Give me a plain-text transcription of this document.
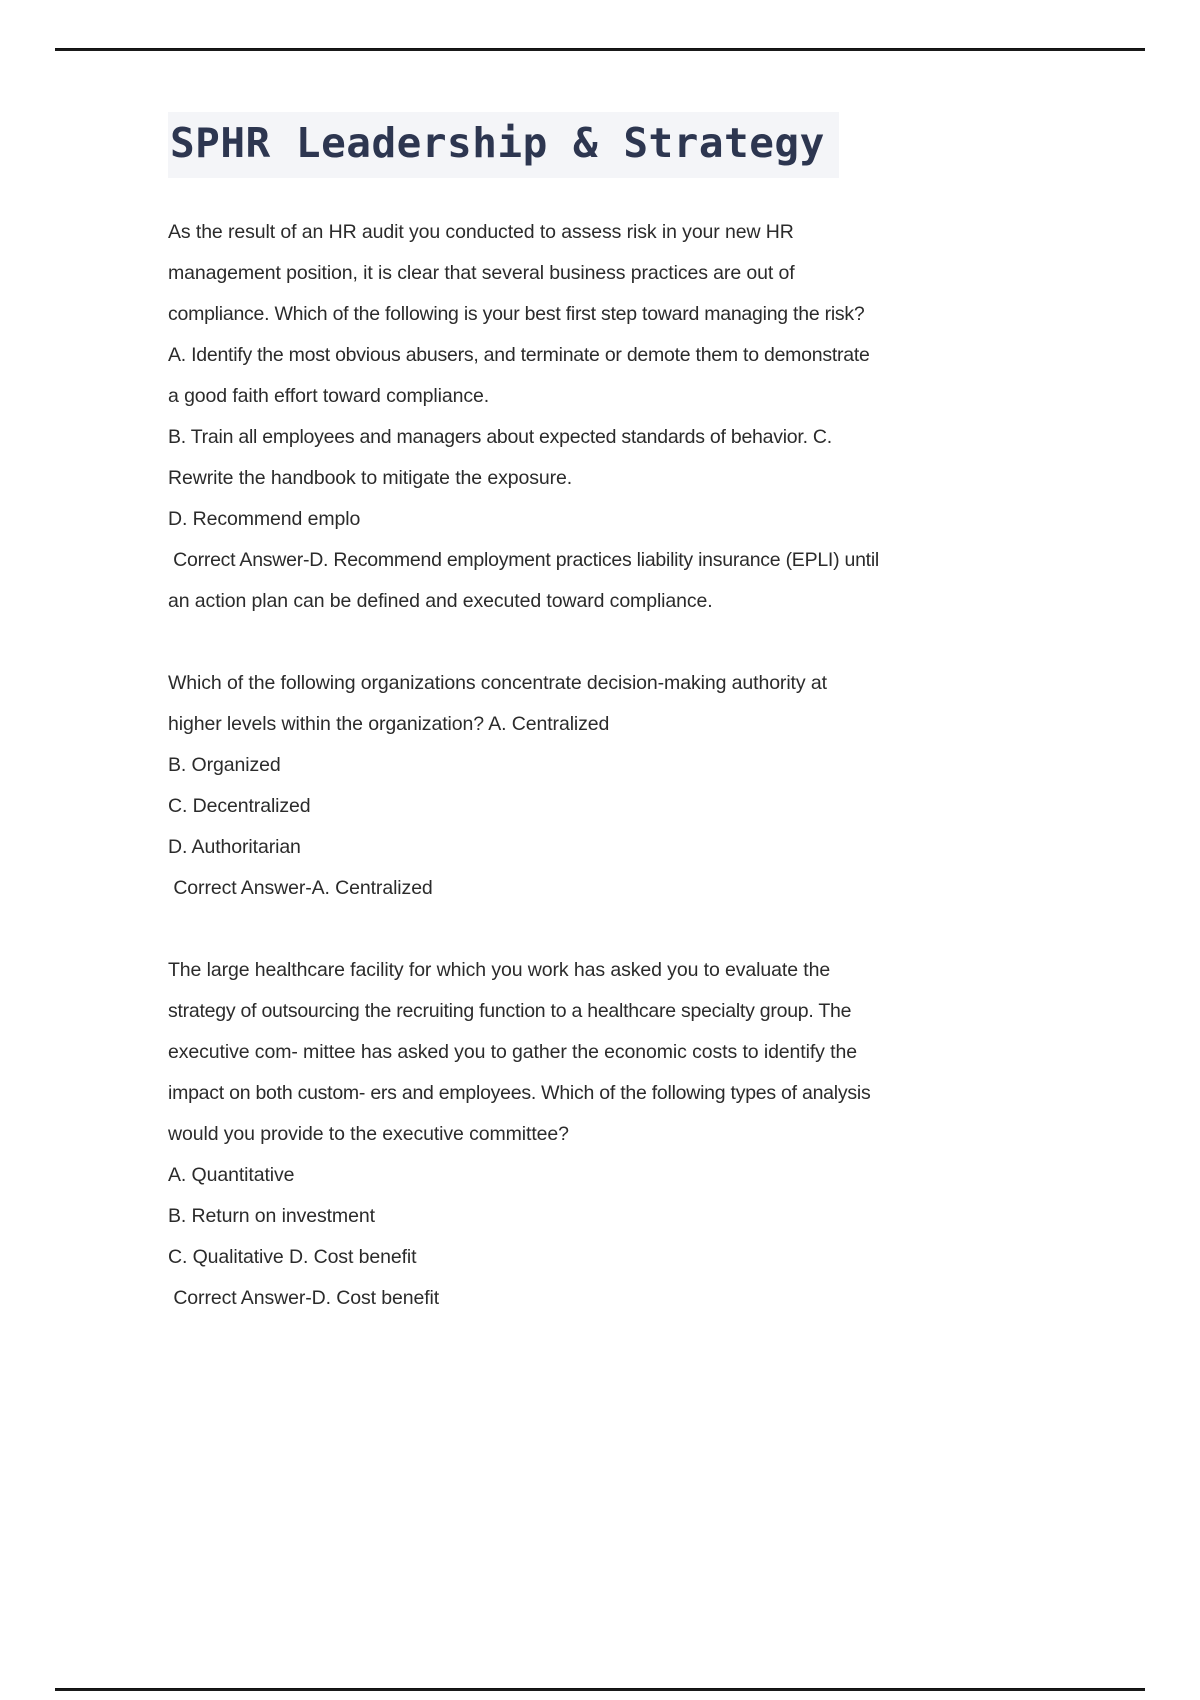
SPHR Leadership & Strategy
As the result of an HR audit you conducted to assess risk in your new HR
management position, it is clear that several business practices are out of
compliance. Which of the following is your best first step toward managing the risk?
A. Identify the most obvious abusers, and terminate or demote them to demonstrate
a good faith effort toward compliance.
B. Train all employees and managers about expected standards of behavior. C.
Rewrite the handbook to mitigate the exposure.
D. Recommend emplo
Correct Answer-D. Recommend employment practices liability insurance (EPLI) until
an action plan can be defined and executed toward compliance.
Which of the following organizations concentrate decision-making authority at
higher levels within the organization? A. Centralized
B. Organized
C. Decentralized
D. Authoritarian
Correct Answer-A. Centralized
The large healthcare facility for which you work has asked you to evaluate the
strategy of outsourcing the recruiting function to a healthcare specialty group. The
executive com- mittee has asked you to gather the economic costs to identify the
impact on both custom- ers and employees. Which of the following types of analysis
would you provide to the executive committee?
A. Quantitative
B. Return on investment
C. Qualitative D. Cost benefit
Correct Answer-D. Cost benefit
